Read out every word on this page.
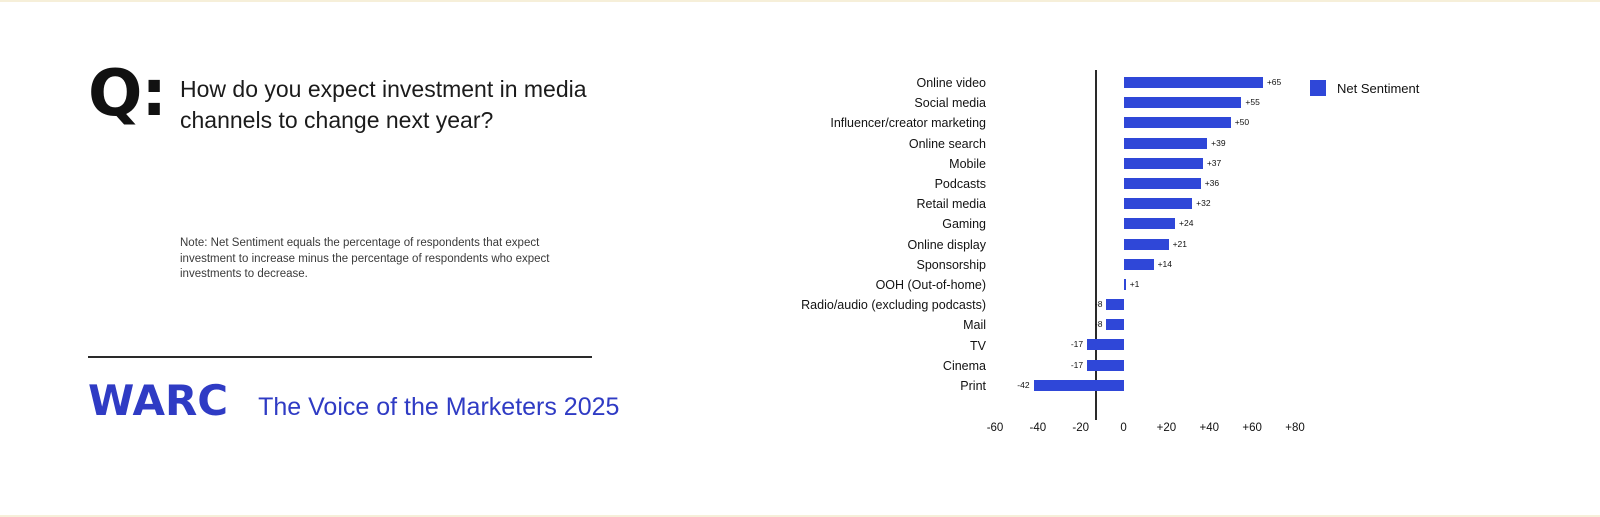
Q: How do you expect investment in media channels to change next year?
Note: Net Sentiment equals the percentage of respondents that expect investment to increase minus the percentage of respondents who expect investments to decrease.
WARC The Voice of the Marketers 2025
Online video	+65
Social media	+55
Influencer/creator marketing	+50
Online search	+39
Mobile	+37
Podcasts	+36
Retail media	+32
Gaming	+24
Online display	+21
Sponsorship	+14
OOH (Out-of-home)	+1
Radio/audio (excluding podcasts)	-8
Mail	-8
TV	-17
Cinema	-17
Print	-42
-60 -40 -20	0	+20 +40 +60 +80
Net Sentiment
